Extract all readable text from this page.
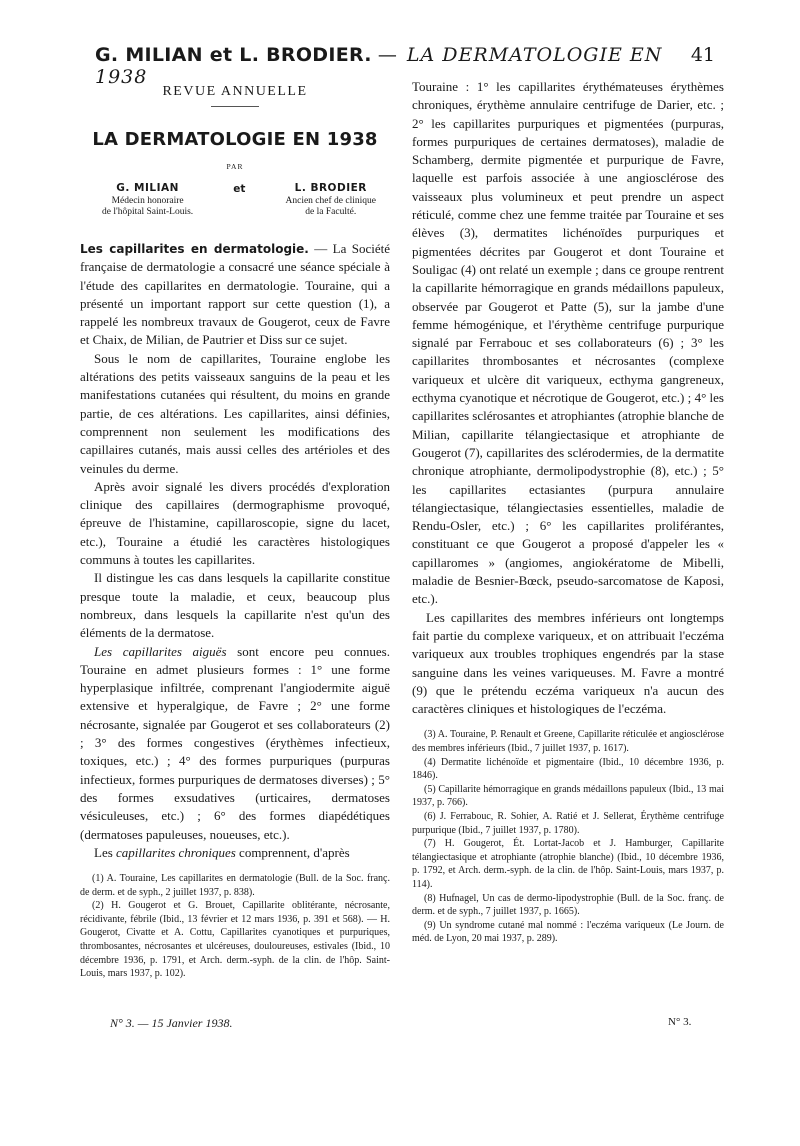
G. MILIAN et L. BRODIER. — LA DERMATOLOGIE EN 1938
41
REVUE ANNUELLE
LA DERMATOLOGIE EN 1938
PAR
G. MILIAN
Médecin honoraire
de l'hôpital Saint-Louis.
et	L. BRODIER
Ancien chef de clinique
de la Faculté.

Les capillarites en dermatologie. — La Société française de dermatologie a consacré une séance spéciale à l'étude des capillarites en dermatologie. Touraine, qui a présenté un important rapport sur cette question (1), a rappelé les nombreux travaux de Gougerot, ceux de Favre et Chaix, de Milian, de Pautrier et Diss sur ce sujet.

Sous le nom de capillarites, Touraine englobe les altérations des petits vaisseaux sanguins de la peau et les manifestations cutanées qui résultent, du moins en grande partie, de ces altérations. Les capillarites, ainsi définies, comprennent non seulement les modifications des capillaires cutanés, mais aussi celles des artérioles et des veinules du derme.

Après avoir signalé les divers procédés d'exploration clinique des capillaires (dermographisme provoqué, épreuve de l'histamine, capillaroscopie, signe du lacet, etc.), Touraine a étudié les caractères histologiques communs à toutes les capillarites.

Il distingue les cas dans lesquels la capillarite constitue presque toute la maladie, et ceux, beaucoup plus nombreux, dans lesquels la capillarite n'est qu'un des éléments de la dermatose.

Les capillarites aiguës sont encore peu connues. Touraine en admet plusieurs formes : 1° une forme hyperplasique infiltrée, comprenant l'angiodermite aiguë extensive et hyperalgique, de Favre ; 2° une forme nécrosante, signalée par Gougerot et ses collaborateurs (2) ; 3° des formes congestives (érythèmes infectieux, toxiques, etc.) ; 4° des formes purpuriques (purpuras infectieux, formes purpuriques de dermatoses diverses) ; 5° des formes exsudatives (urticaires, dermatoses vésiculeuses, etc.) ; 6° des formes diapédétiques (dermatoses papuleuses, noueuses, etc.).

Les capillarites chroniques comprennent, d'après

(1) A. Touraine, Les capillarites en dermatologie (Bull. de la Soc. franç. de derm. et de syph., 2 juillet 1937, p. 838).

(2) H. Gougerot et G. Brouet, Capillarite oblitérante, nécrosante, récidivante, fébrile (Ibid., 13 février et 12 mars 1936, p. 391 et 568). — H. Gougerot, Civatte et A. Cottu, Capillarites cyanotiques et purpuriques, thrombosantes, nécrosantes et ulcéreuses, douloureuses, estivales (Ibid., 10 décembre 1936, p. 1791, et Arch. derm.-syph. de la clin. de l'hôp. Saint-Louis, mars 1937, p. 102).

Touraine : 1° les capillarites érythémateuses érythèmes chroniques, érythème annulaire centrifuge de Darier, etc. ; 2° les capillarites purpuriques et pigmentées (purpuras, formes purpuriques de certaines dermatoses), maladie de Schamberg, dermite pigmentée et purpurique de Favre, laquelle est parfois associée à une angiosclérose des vaisseaux plus volumineux et peut prendre un aspect réticulé, comme chez une femme traitée par Touraine et ses élèves (3), dermatites lichénoïdes purpuriques et pigmentées décrites par Gougerot et dont Touraine et Souligac (4) ont relaté un exemple ; dans ce groupe rentrent la capillarite hémorragique en grands médaillons papuleux, observée par Gougerot et Patte (5), sur la jambe d'une femme hémogénique, et l'érythème centrifuge purpurique signalé par Ferrabouc et ses collaborateurs (6) ; 3° les capillarites thrombosantes et nécrosantes (complexe variqueux et ulcère dit variqueux, ecthyma gangreneux, ecthyma cyanotique et nécrotique de Gougerot, etc.) ; 4° les capillarites sclérosantes et atrophiantes (atrophie blanche de Milian, capillarite télangiectasique et atrophiante de Gougerot (7), capillarites des sclérodermies, de la dermatite chronique atrophiante, dermolipodystrophie (8), etc.) ; 5° les capillarites ectasiantes (purpura annulaire télangiectasique, télangiectasies essentielles, maladie de Rendu-Osler, etc.) ; 6° les capillarites proliférantes, constituant ce que Gougerot a proposé d'appeler les « capillaromes » (angiomes, angiokératome de Mibelli, maladie de Besnier-Bœck, pseudo-sarcomatose de Kaposi, etc.).

Les capillarites des membres inférieurs ont longtemps fait partie du complexe variqueux, et on attribuait l'eczéma variqueux aux troubles trophiques engendrés par la stase sanguine dans les veines variqueuses. M. Favre a montré (9) que le prétendu eczéma variqueux n'a aucun des caractères cliniques et histologiques de l'eczéma.

(3) A. Touraine, P. Renault et Greene, Capillarite réticulée et angiosclérose des membres inférieurs (Ibid., 7 juillet 1937, p. 1617).

(4) Dermatite lichénoïde et pigmentaire (Ibid., 10 décembre 1936, p. 1846).

(5) Capillarite hémorragique en grands médaillons papuleux (Ibid., 13 mai 1937, p. 766).

(6) J. Ferrabouc, R. Sohier, A. Ratié et J. Sellerat, Érythème centrifuge purpurique (Ibid., 7 juillet 1937, p. 1780).

(7) H. Gougerot, Ét. Lortat-Jacob et J. Hamburger, Capillarite télangiectasique et atrophiante (atrophie blanche) (Ibid., 10 décembre 1936, p. 1792, et Arch. derm.-syph. de la clin. de l'hôp. Saint-Louis, mars 1937, p. 114).

(8) Hufnagel, Un cas de dermo-lipodystrophie (Bull. de la Soc. franç. de derm. et de syph., 7 juillet 1937, p. 1665).

(9) Un syndrome cutané mal nommé : l'eczéma variqueux (Le Journ. de méd. de Lyon, 20 mai 1937, p. 289).

N° 3. — 15 Janvier 1938.	N° 3.
